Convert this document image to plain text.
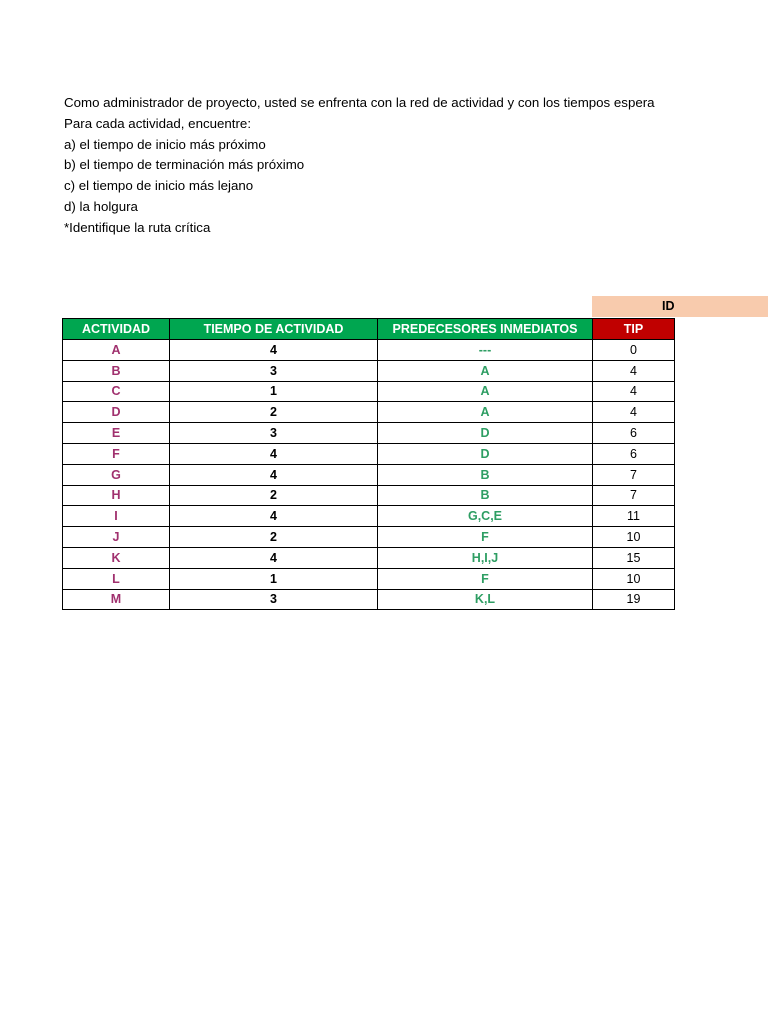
Como administrador de proyecto, usted se enfrenta con la red de actividad y con los tiempos espera
Para cada actividad, encuentre:
a) el tiempo de inicio más próximo
b) el tiempo de terminación más próximo
c) el tiempo de inicio más lejano
d) la holgura
*Identifique la ruta crítica
ID
ACTIVIDAD	TIEMPO DE ACTIVIDAD	PREDECESORES INMEDIATOS	TIP
A	4	---	0
B	3	A	4
C	1	A	4
D	2	A	4
E	3	D	6
F	4	D	6
G	4	B	7
H	2	B	7
I	4	G,C,E	11
J	2	F	10
K	4	H,I,J	15
L	1	F	10
M	3	K,L	19
